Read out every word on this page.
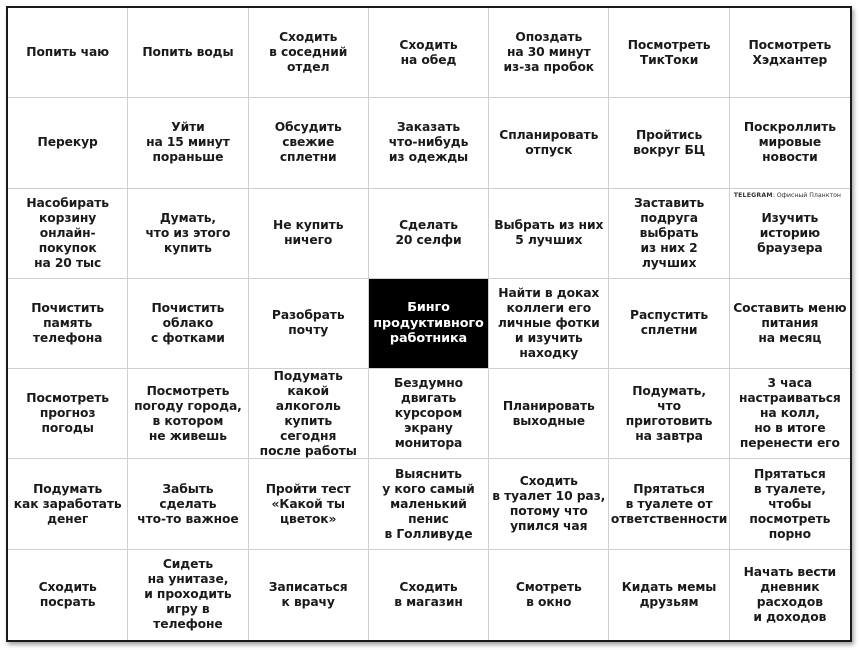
Попить чаю	Попить воды
Сходить
в соседний
отдел
Сходить
на обед
Опоздать
на 30 минут
из-за пробок
Посмотреть
ТикТоки
Посмотреть
Хэдхантер
Перекур
Уйти
на 15 минут
пораньше
Обсудить
свежие
сплетни
Заказать
что-нибудь
из одежды
Спланировать
отпуск
Пройтись
вокруг БЦ
Поскроллить
мировые
новости
Насобирать
корзину
онлайн-покупок
на 20 тыс
Думать,
что из этого
купить
Не купить
ничего
Сделать
20 селфи
Выбрать из них
5 лучших
Заставить
подруга выбрать
из них 2 лучших
TELEGRAM: Офисный Планктон
Изучить историю
браузера
Почистить
память
телефона
Почистить
облако
с фотками
Разобрать
почту
Бинго
продуктивного
работника
Найти в доках
коллеги его
личные фотки
и изучить
находку
Распустить
сплетни
Составить меню
питания
на месяц
Посмотреть
прогноз
погоды
Посмотреть
погоду города,
в котором
не живешь
Подумать какой
алкоголь купить
сегодня
после работы
Бездумно
двигать
курсором
экрану монитора
Планировать
выходные
Подумать,
что приготовить
на завтра
3 часа
настраиваться
на колл,
но в итоге
перенести его
Подумать
как заработать
денег
Забыть
сделать
что-то важное
Пройти тест
«Какой ты
цветок»
Выяснить
у кого самый
маленький пенис
в Голливуде
Сходить
в туалет 10 раз,
потому что
упился чая
Прятаться
в туалете от
ответственности
Прятаться
в туалете,
чтобы
посмотреть
порно
Сходить
посрать
Сидеть
на унитазе,
и проходить
игру в телефоне
Записаться
к врачу
Сходить
в магазин
Смотреть
в окно
Кидать мемы
друзьям
Начать вести
дневник
расходов
и доходов
